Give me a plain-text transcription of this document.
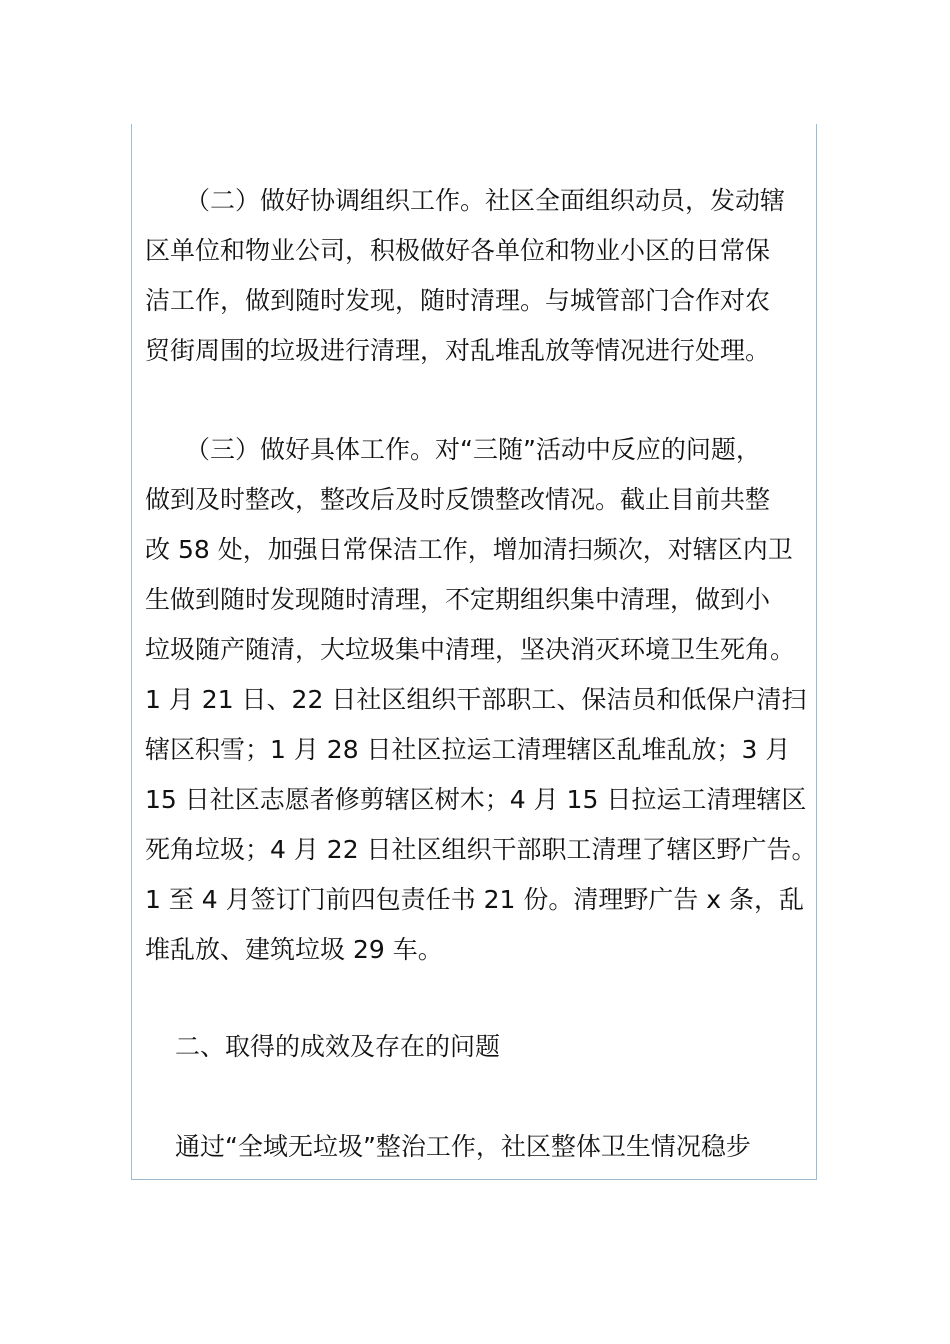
（二）做好协调组织工作。社区全面组织动员，发动辖
区单位和物业公司，积极做好各单位和物业小区的日常保
洁工作，做到随时发现，随时清理。与城管部门合作对农
贸街周围的垃圾进行清理，对乱堆乱放等情况进行处理。
（三）做好具体工作。对“三随”活动中反应的问题，
做到及时整改，整改后及时反馈整改情况。截止目前共整
改 58 处，加强日常保洁工作，增加清扫频次，对辖区内卫
生做到随时发现随时清理，不定期组织集中清理，做到小
垃圾随产随清，大垃圾集中清理，坚决消灭环境卫生死角。
1 月 21 日、22 日社区组织干部职工、保洁员和低保户清扫
辖区积雪；1 月 28 日社区拉运工清理辖区乱堆乱放；3 月
15 日社区志愿者修剪辖区树木；4 月 15 日拉运工清理辖区
死角垃圾；4 月 22 日社区组织干部职工清理了辖区野广告。
1 至 4 月签订门前四包责任书 21 份。清理野广告 x 条，乱
堆乱放、建筑垃圾 29 车。
二、取得的成效及存在的问题
通过“全域无垃圾”整治工作，社区整体卫生情况稳步
